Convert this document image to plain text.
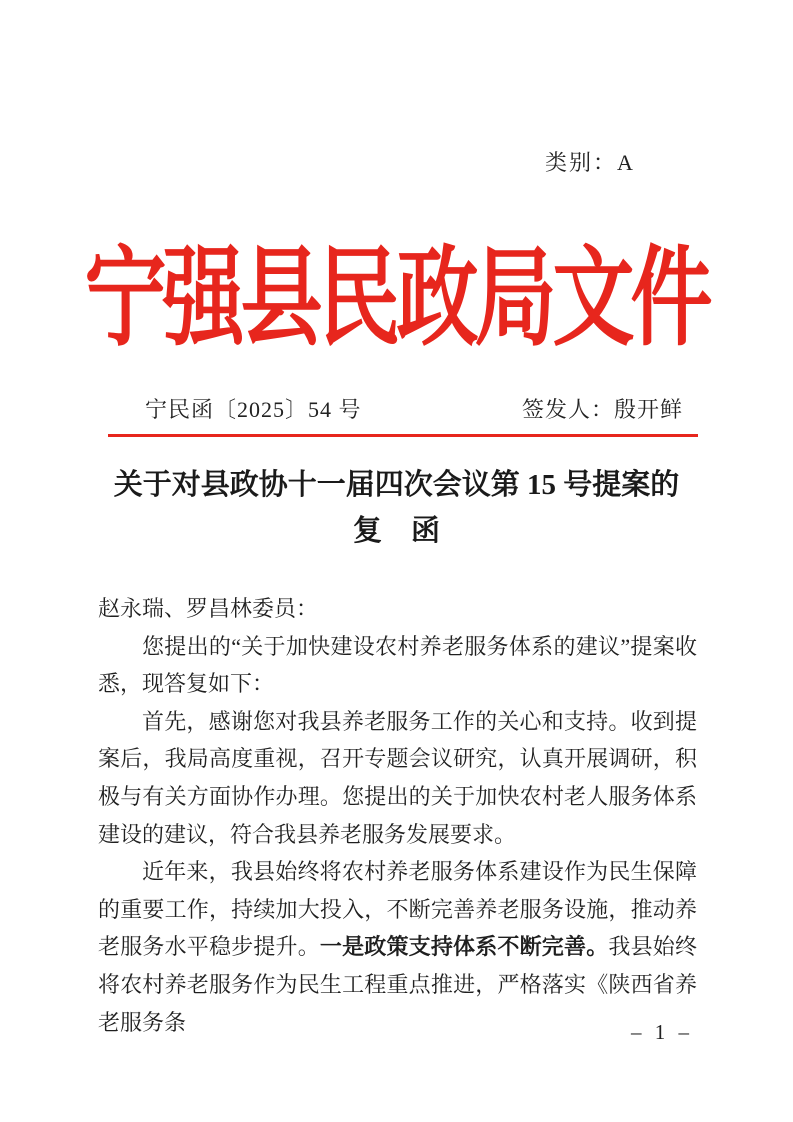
类别：A
宁强县民政局文件
宁民函〔2025〕54 号	签发人：殷开鲜
关于对县政协十一届四次会议第 15 号提案的
复　函

赵永瑞、罗昌林委员：

您提出的“关于加快建设农村养老服务体系的建议”提案收悉，现答复如下：

首先，感谢您对我县养老服务工作的关心和支持。收到提案后，我局高度重视，召开专题会议研究，认真开展调研，积极与有关方面协作办理。您提出的关于加快农村老人服务体系建设的建议，符合我县养老服务发展要求。

近年来，我县始终将农村养老服务体系建设作为民生保障的重要工作，持续加大投入，不断完善养老服务设施，推动养老服务水平稳步提升。一是政策支持体系不断完善。我县始终将农村养老服务作为民生工程重点推进，严格落实《陕西省养老服务条	– 1 –
